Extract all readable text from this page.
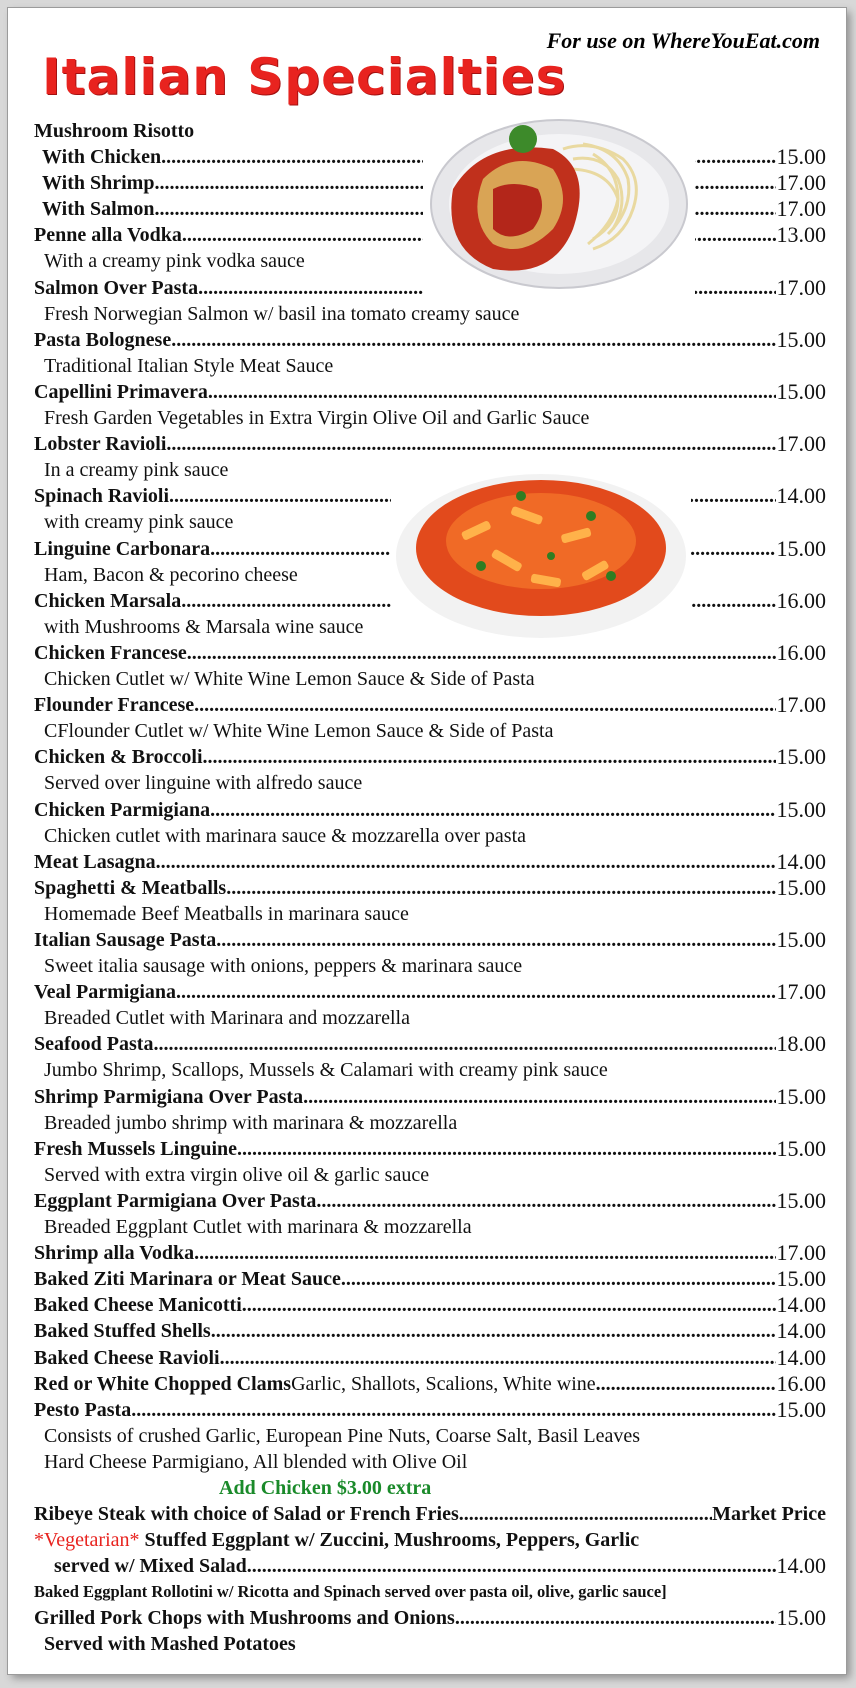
For use on WhereYouEat.com
Italian Specialties
Mushroom Risotto
With Chicken .....	15.00
With Shrimp .....	17.00
With Salmon .....	17.00
Penne alla Vodka .....	13.00
With a creamy pink vodka sauce
Salmon Over Pasta .....	17.00
Fresh Norwegian Salmon w/ basil ina tomato creamy sauce
Pasta Bolognese .....	15.00
Traditional Italian Style Meat Sauce
Capellini Primavera .....	15.00
Fresh Garden Vegetables in Extra Virgin Olive Oil and Garlic Sauce
Lobster Ravioli .....	17.00
In a creamy pink sauce
Spinach Ravioli .....	14.00
with creamy pink sauce
Linguine Carbonara .....	15.00
Ham, Bacon & pecorino cheese
Chicken Marsala .....	16.00
with Mushrooms & Marsala wine sauce
Chicken Francese .....	16.00
Chicken Cutlet w/ White Wine Lemon Sauce & Side of Pasta
Flounder Francese .....	17.00
CFlounder Cutlet w/ White Wine Lemon Sauce & Side of Pasta
Chicken & Broccoli .....	15.00
Served over linguine with alfredo sauce
Chicken Parmigiana .....	15.00
Chicken cutlet with marinara sauce & mozzarella over pasta
Meat Lasagna .....	14.00
Spaghetti & Meatballs .....	15.00
Homemade Beef Meatballs in marinara sauce
Italian Sausage Pasta .....	15.00
Sweet italia sausage with onions, peppers & marinara sauce
Veal Parmigiana .....	17.00
Breaded Cutlet with Marinara and mozzarella
Seafood Pasta .....	18.00
Jumbo Shrimp, Scallops, Mussels & Calamari with creamy pink sauce
Shrimp Parmigiana Over Pasta .....	15.00
Breaded jumbo shrimp with marinara & mozzarella
Fresh Mussels Linguine .....	15.00
Served with extra virgin olive oil & garlic sauce
Eggplant Parmigiana Over Pasta .....	15.00
Breaded Eggplant Cutlet with marinara & mozzarella
Shrimp alla Vodka .....	17.00
Baked Ziti Marinara or Meat Sauce .....	15.00
Baked Cheese Manicotti .....	14.00
Baked Stuffed Shells .....	14.00
Baked Cheese Ravioli .....	14.00
Red or White Chopped Clams Garlic, Shallots, Scalions, White wine .....	16.00
Pesto Pasta .....	15.00
Consists of crushed Garlic, European Pine Nuts, Coarse Salt, Basil Leaves
Hard Cheese Parmigiano, All blended with Olive Oil
Add Chicken $3.00 extra
Ribeye Steak with choice of Salad or French Fries .....	Market Price
*Vegetarian* Stuffed Eggplant w/ Zuccini, Mushrooms, Peppers, Garlic
served w/ Mixed Salad .....	14.00
Baked Eggplant Rollotini w/ Ricotta and Spinach served over pasta oil, olive, garlic sauce]
Grilled Pork Chops with Mushrooms and Onions .....	15.00
Served with Mashed Potatoes
